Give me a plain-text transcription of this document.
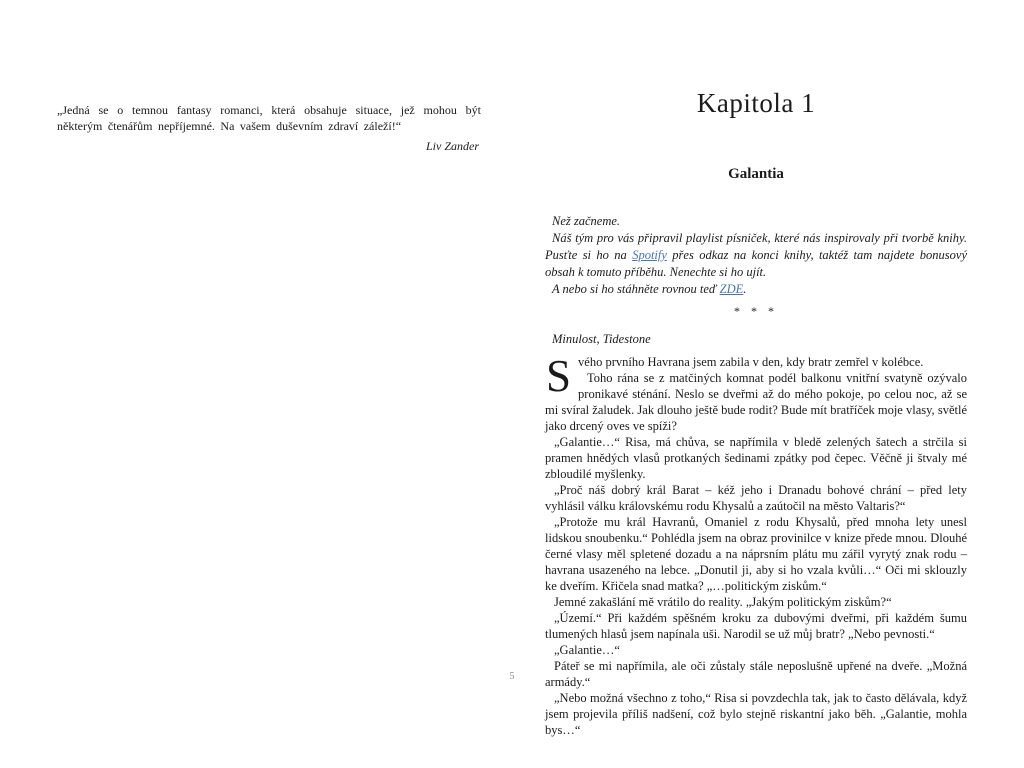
„Jedná se o temnou fantasy romanci, která obsahuje situace, jež mohou být některým čtenářům nepříjemné. Na vašem duševním zdraví záleží!“

Liv Zander

Kapitola 1
Galantia

Než začneme.

Náš tým pro vás připravil playlist písniček, které nás inspirovaly při tvorbě knihy. Pusťte si ho na Spotify přes odkaz na konci knihy, taktéž tam najdete bonusový obsah k tomuto příběhu. Nenechte si ho ujít.

A nebo si ho stáhněte rovnou teď ZDE.

* * *

Minulost, Tidestone

S vého prvního Havrana jsem zabila v den, kdy bratr zemřel v kolébce.

Toho rána se z matčiných komnat podél balkonu vnitřní svatyně ozývalo pronikavé sténání. Neslo se dveřmi až do mého pokoje, po celou noc, až se mi svíral žaludek. Jak dlouho ještě bude rodit? Bude mít bratříček moje vlasy, světlé jako drcený oves ve spíži?

„Galantie…“ Risa, má chůva, se napřímila v bledě zelených šatech a strčila si pramen hnědých vlasů protkaných šedinami zpátky pod čepec. Věčně ji štvaly mé zbloudilé myšlenky.

„Proč náš dobrý král Barat – kéž jeho i Dranadu bohové chrání – před lety vyhlásil válku královskému rodu Khysalů a zaútočil na město Valtaris?“

„Protože mu král Havranů, Omaniel z rodu Khysalů, před mnoha lety unesl lidskou snoubenku.“ Pohlédla jsem na obraz provinilce v knize přede mnou. Dlouhé černé vlasy měl spletené dozadu a na náprsním plátu mu zářil vyrytý znak rodu – havrana usazeného na lebce. „Donutil ji, aby si ho vzala kvůli…“ Oči mi sklouzly ke dveřím. Křičela snad matka? „…politickým ziskům.“

Jemné zakašlání mě vrátilo do reality. „Jakým politickým ziskům?“

„Území.“ Při každém spěšném kroku za dubovými dveřmi, při každém šumu tlumených hlasů jsem napínala uši. Narodil se už můj bratr? „Nebo pevnosti.“

„Galantie…“

Páteř se mi napřímila, ale oči zůstaly stále neposlušně upřené na dveře. „Možná armády.“

„Nebo možná všechno z toho,“ Risa si povzdechla tak, jak to často dělávala, když jsem projevila příliš nadšení, což bylo stejně riskantní jako běh. „Galantie, mohla bys…“

5
